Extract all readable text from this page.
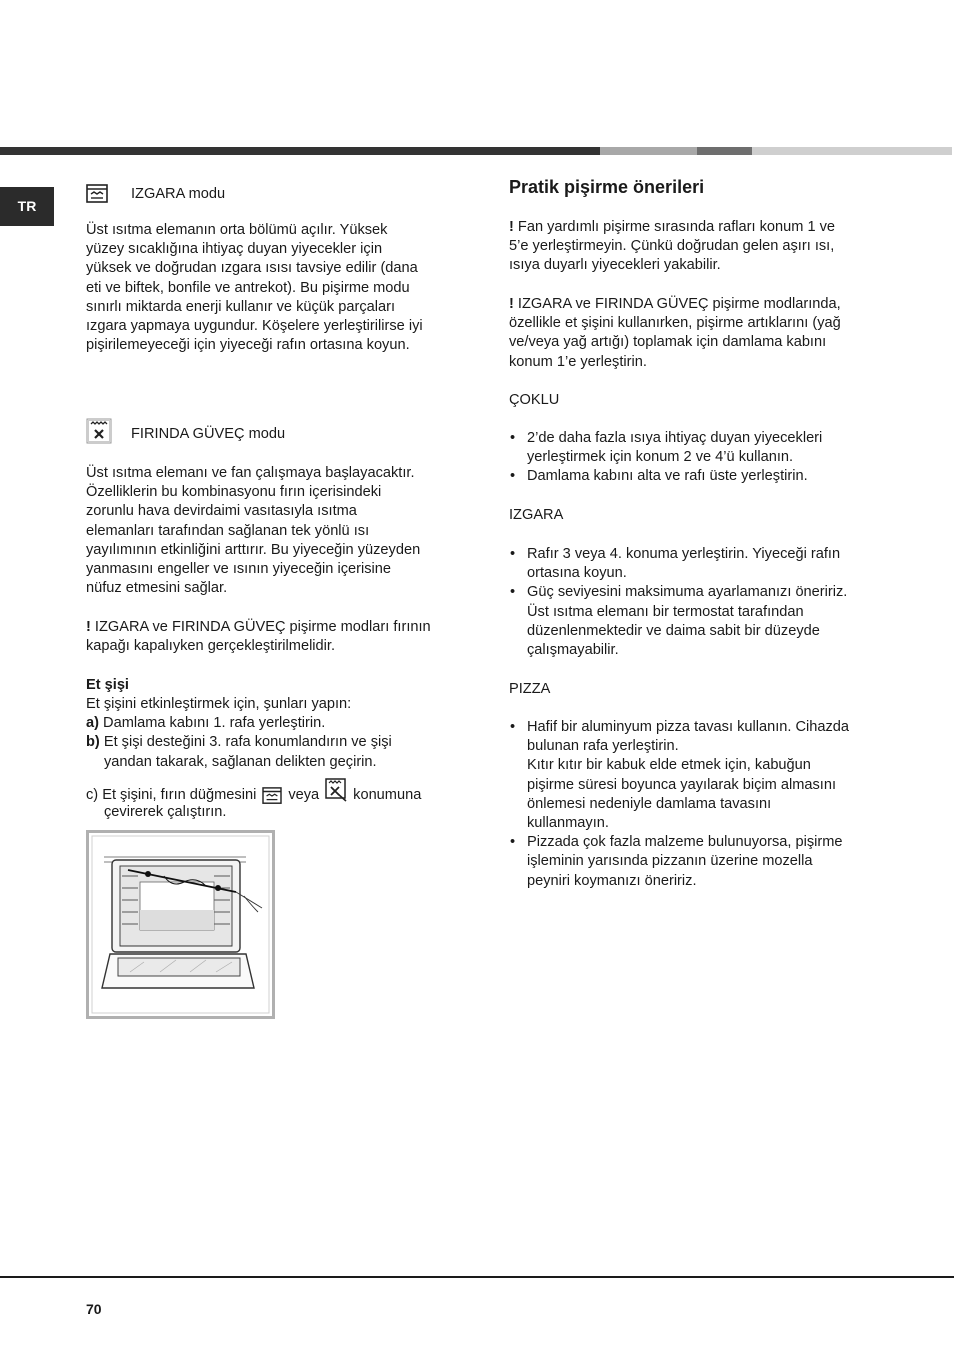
TR
IZGARA modu
Üst ısıtma elemanın orta bölümü açılır. Yüksek
yüzey sıcaklığına ihtiyaç duyan yiyecekler için
yüksek ve doğrudan ızgara ısısı tavsiye edilir (dana
eti ve biftek, bonfile ve antrekot). Bu pişirme modu
sınırlı miktarda enerji kullanır ve küçük parçaları
ızgara yapmaya uygundur. Köşelere yerleştirilirse iyi
pişirilemeyeceği için yiyeceği rafın ortasına koyun.
FIRINDA GÜVEÇ modu
Üst ısıtma elemanı ve fan çalışmaya başlayacaktır.
Özelliklerin bu kombinasyonu fırın içerisindeki
zorunlu hava devirdaimi vasıtasıyla ısıtma
elemanları tarafından sağlanan tek yönlü ısı
yayılımının etkinliğini arttırır. Bu yiyeceğin yüzeyden
yanmasını engeller ve ısının yiyeceğin içerisine
nüfuz etmesini sağlar.
! IZGARA ve FIRINDA GÜVEÇ pişirme modları fırının
kapağı kapalıyken gerçekleştirilmelidir.
Et şişi
Et şişini etkinleştirmek için, şunları yapın:
a) Damlama kabını 1. rafa yerleştirin.
b) Et şişi desteğini 3. rafa konumlandırın ve şişi
yandan takarak, sağlanan delikten geçirin.
c) Et şişini, fırın düğmesini veya konumuna
çevirerek çalıştırın.
Pratik pişirme önerileri
! Fan yardımlı pişirme sırasında rafları konum 1 ve
5’e yerleştirmeyin. Çünkü doğrudan gelen aşırı ısı,
ısıya duyarlı yiyecekleri yakabilir.
! IZGARA ve FIRINDA GÜVEÇ pişirme modlarında,
özellikle et şişini kullanırken, pişirme artıklarını (yağ
ve/veya yağ artığı) toplamak için damlama kabını
konum 1’e yerleştirin.
ÇOKLU
• 2’de daha fazla ısıya ihtiyaç duyan yiyecekleri
yerleştirmek için konum 2 ve 4’ü kullanın.
• Damlama kabını alta ve rafı üste yerleştirin.
IZGARA
• Rafır 3 veya 4. konuma yerleştirin. Yiyeceği rafın
ortasına koyun.
• Güç seviyesini maksimuma ayarlamanızı öneririz.
Üst ısıtma elemanı bir termostat tarafından
düzenlenmektedir ve daima sabit bir düzeyde
çalışmayabilir.
PIZZA
• Hafif bir aluminyum pizza tavası kullanın. Cihazda
bulunan rafa yerleştirin.
Kıtır kıtır bir kabuk elde etmek için, kabuğun
pişirme süresi boyunca yayılarak biçim almasını
önlemesi nedeniyle damlama tavasını
kullanmayın.
• Pizzada çok fazla malzeme bulunuyorsa, pişirme
işleminin yarısında pizzanın üzerine mozella
peyniri koymanızı öneririz.
70
